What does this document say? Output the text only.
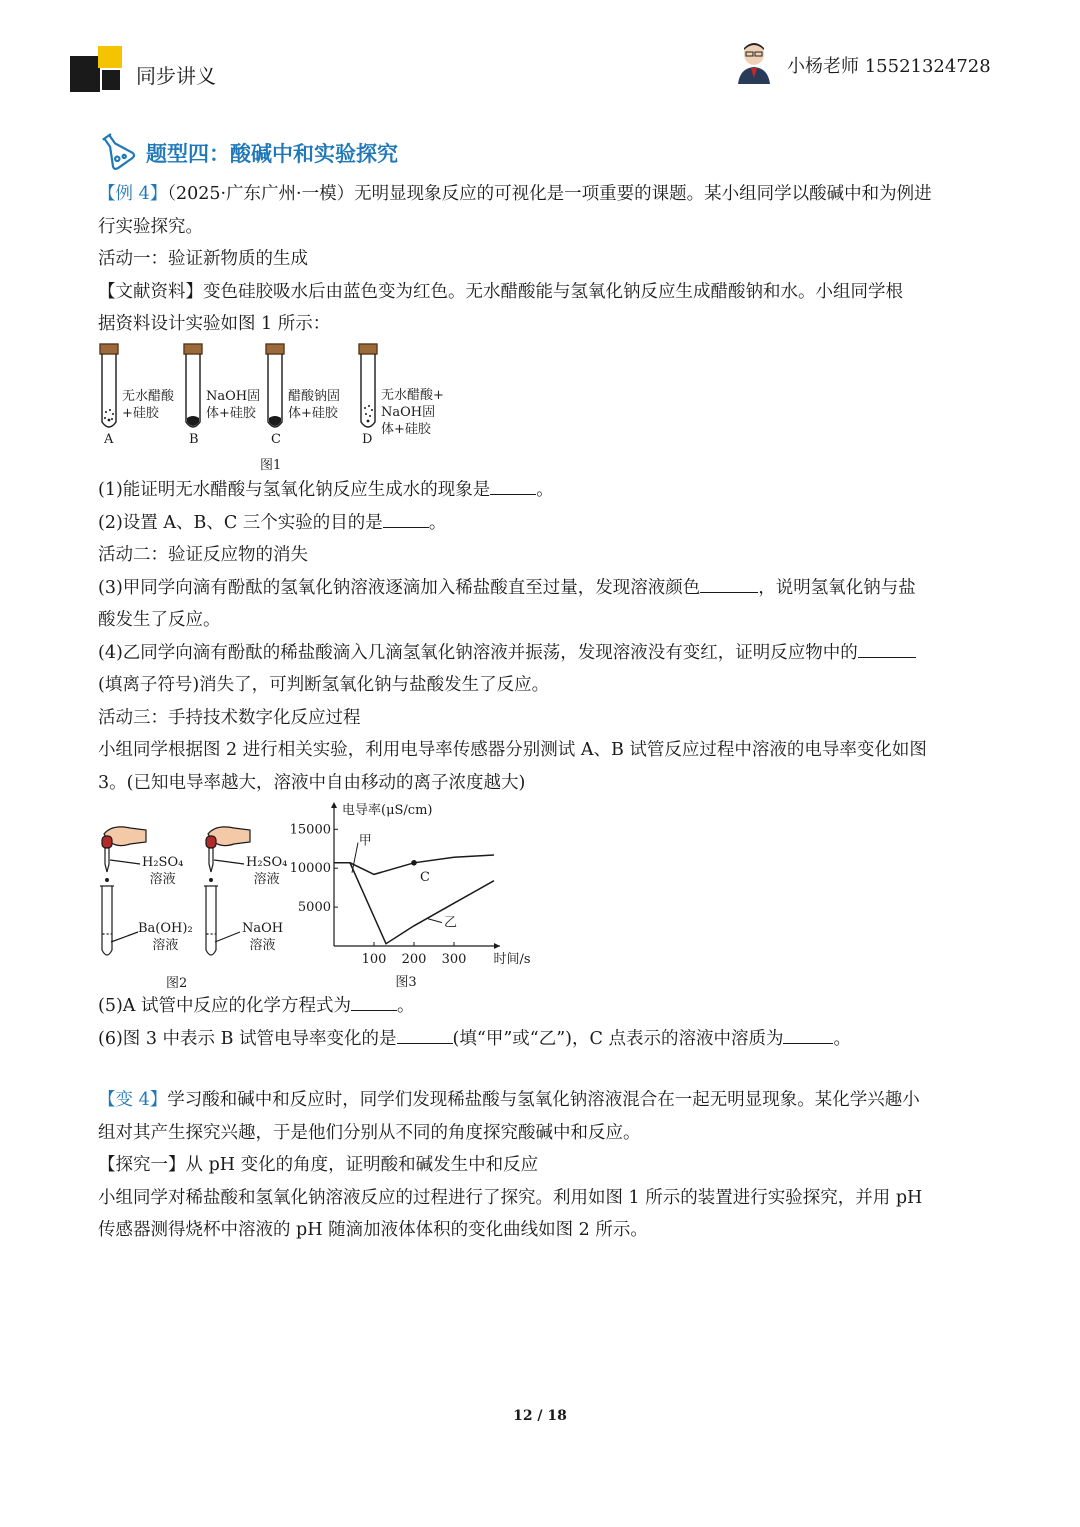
同步讲义	小杨老师 15521324728
题型四：酸碱中和实验探究
【例 4】（2025·广东广州·一模）无明显现象反应的可视化是一项重要的课题。某小组同学以酸碱中和为例进
行实验探究。
活动一：验证新物质的生成
【文献资料】变色硅胶吸水后由蓝色变为红色。无水醋酸能与氢氧化钠反应生成醋酸钠和水。小组同学根
据资料设计实验如图 1 所示：
无水醋酸
+硅胶
NaOH固
体+硅胶
醋酸钠固
体+硅胶
无水醋酸+
NaOH固
体+硅胶
A	B	C	D
图1
(1)能证明无水醋酸与氢氧化钠反应生成水的现象是	。
(2)设置 A、B、C 三个实验的目的是	。
活动二：验证反应物的消失
(3)甲同学向滴有酚酞的氢氧化钠溶液逐滴加入稀盐酸直至过量，发现溶液颜色	，说明氢氧化钠与盐
酸发生了反应。
(4)乙同学向滴有酚酞的稀盐酸滴入几滴氢氧化钠溶液并振荡，发现溶液没有变红，证明反应物中的
(填离子符号)消失了，可判断氢氧化钠与盐酸发生了反应。
活动三：手持技术数字化反应过程
小组同学根据图 2 进行相关实验，利用电导率传感器分别测试 A、B 试管反应过程中溶液的电导率变化如图
3。(已知电导率越大，溶液中自由移动的离子浓度越大)
H₂SO₄
溶液
Ba(OH)₂
溶液
H₂SO₄
溶液
NaOH
溶液
图2
5000
10000
15000
100 200 300
电导率(μS/cm)
时间/s
图3
甲
乙
C
(5)A 试管中反应的化学方程式为	。
(6)图 3 中表示 B 试管电导率变化的是	(填“甲”或“乙”)，C 点表示的溶液中溶质为	。
【变 4】学习酸和碱中和反应时，同学们发现稀盐酸与氢氧化钠溶液混合在一起无明显现象。某化学兴趣小
组对其产生探究兴趣，于是他们分别从不同的角度探究酸碱中和反应。
【探究一】从 pH 变化的角度，证明酸和碱发生中和反应
小组同学对稀盐酸和氢氧化钠溶液反应的过程进行了探究。利用如图 1 所示的装置进行实验探究，并用 pH
传感器测得烧杯中溶液的 pH 随滴加液体体积的变化曲线如图 2 所示。
12 / 18
